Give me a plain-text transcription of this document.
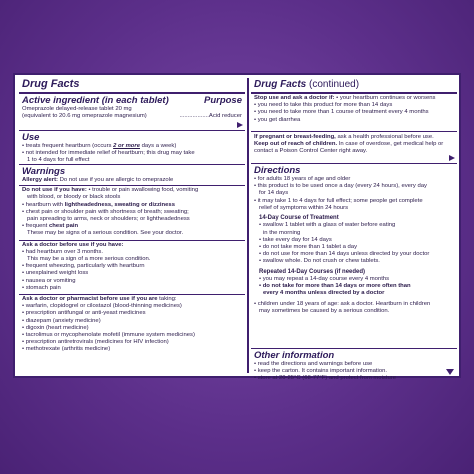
Drug Facts
Active ingredient (in each tablet)	Purpose
Omeprazole delayed-release tablet 20 mg
(equivalent to 20.6 mg omeprazole magnesium)	..................Acid reducer
Use
• treats frequent heartburn (occurs 2 or more days a week)
• not intended for immediate relief of heartburn; this drug may take
1 to 4 days for full effect
Warnings
Allergy alert: Do not use if you are allergic to omeprazole
Do not use if you have: • trouble or pain swallowing food, vomiting
with blood, or bloody or black stools
• heartburn with lightheadedness, sweating or dizziness
• chest pain or shoulder pain with shortness of breath; sweating;
pain spreading to arms, neck or shoulders; or lightheadedness
• frequent chest pain
These may be signs of a serious condition. See your doctor.
Ask a doctor before use if you have:
• had heartburn over 3 months.
This may be a sign of a more serious condition.
• frequent wheezing, particularly with heartburn
• unexplained weight loss
• nausea or vomiting
• stomach pain
Ask a doctor or pharmacist before use if you are taking:
• warfarin, clopidogrel or cilostazol (blood-thinning medicines)
• prescription antifungal or anti-yeast medicines
• diazepam (anxiety medicine)
• digoxin (heart medicine)
• tacrolimus or mycophenolate mofetil (immune system medicines)
• prescription antiretrovirals (medicines for HIV infection)
• methotrexate (arthritis medicine)
Drug Facts (continued)
Stop use and ask a doctor if: • your heartburn continues or worsens
• you need to take this product for more than 14 days
• you need to take more than 1 course of treatment every 4 months
• you get diarrhea
If pregnant or breast-feeding, ask a health professional before use.
Keep out of reach of children. In case of overdose, get medical help or
contact a Poison Control Center right away.
Directions
• for adults 18 years of age and older
• this product is to be used once a day (every 24 hours), every day
for 14 days
• it may take 1 to 4 days for full effect; some people get complete
relief of symptoms within 24 hours
14-Day Course of Treatment
• swallow 1 tablet with a glass of water before eating
in the morning
• take every day for 14 days
• do not take more than 1 tablet a day
• do not use for more than 14 days unless directed by your doctor
• swallow whole. Do not crush or chew tablets.
Repeated 14-Day Courses (if needed)
• you may repeat a 14-day course every 4 months
• do not take for more than 14 days or more often than
every 4 months unless directed by a doctor
• children under 18 years of age: ask a doctor. Heartburn in children
may sometimes be caused by a serious condition.
Other information
• read the directions and warnings before use
• keep the carton. It contains important information.
• store at 20-25°C (68-77°F) and protect from moisture
